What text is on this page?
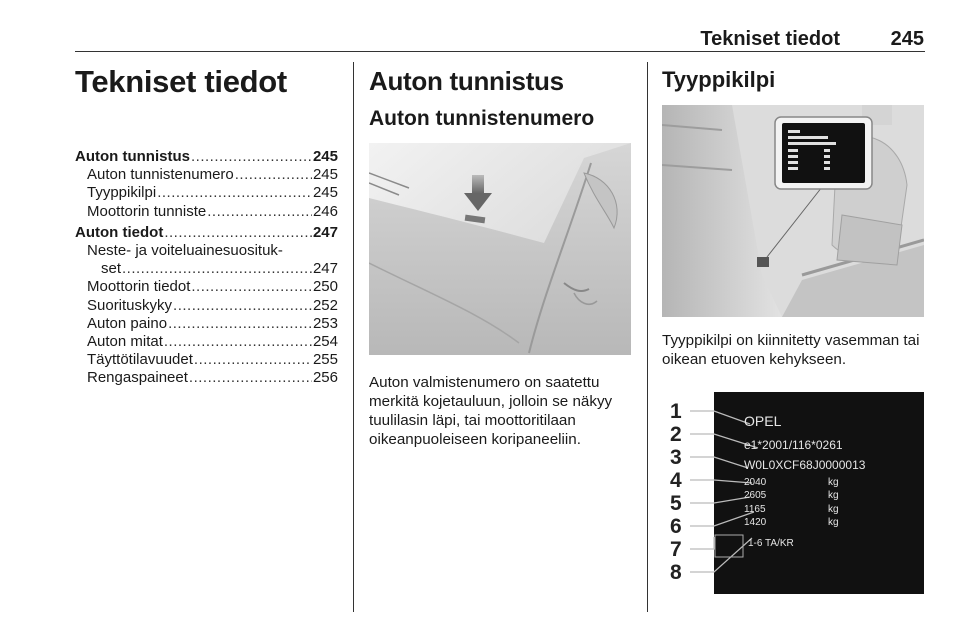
Tekniset tiedot	245
Tekniset tiedot
Auton tunnistus .....	245
Auton tunnistenumero .....	245
Tyyppikilpi .....	245
Moottorin tunniste .....	246
Auton tiedot .....	247
Neste- ja voiteluainesuosituk-
set .....	247
Moottorin tiedot .....	250
Suorituskyky .....	252
Auton paino .....	253
Auton mitat .....	254
Täyttötilavuudet .....	255
Rengaspaineet .....	256
Auton tunnistus
Auton tunnistenumero
Auton valmistenumero on saatettu merkitä kojetauluun, jolloin se näkyy tuulilasin läpi, tai moottoritilaan oikeanpuoleiseen koripaneeliin.
Tyyppikilpi
Tyyppikilpi on kiinnitetty vasemman tai oikean etuoven kehykseen.
1
2
3
4
5
6
7
8
OPEL
e1*2001/116*0261
W0L0XCF68J0000013
2040
2605
1165
1420
kg
kg
kg
kg
1-6 TA/KR
